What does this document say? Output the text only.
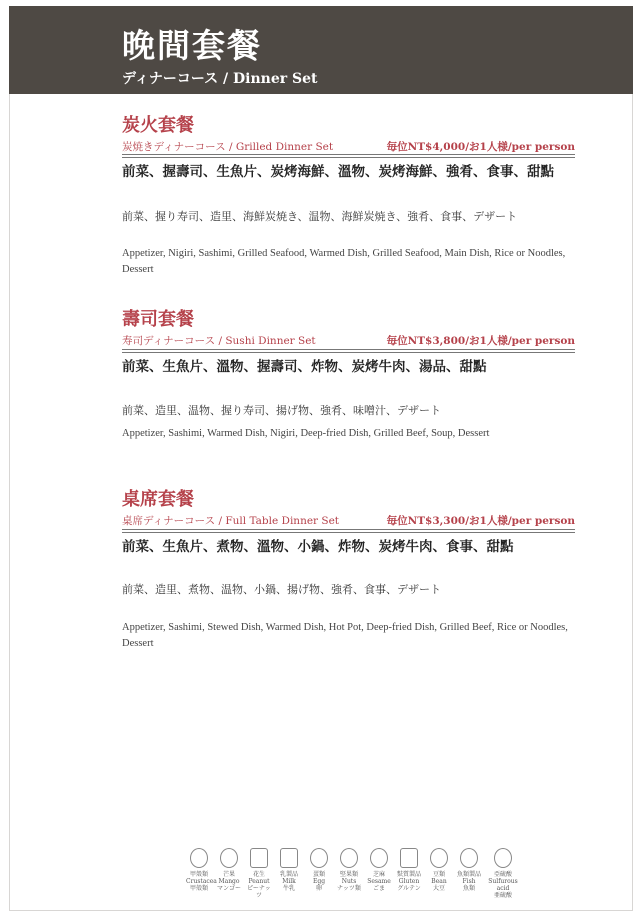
晚間套餐
ディナーコース / Dinner Set
炭火套餐
炭焼きディナーコース / Grilled Dinner Set	毎位NT$4,000/お1人様/per person
前菜、握壽司、生魚片、炭烤海鮮、溫物、炭烤海鮮、強肴、食事、甜點
前菜、握り寿司、造里、海鮮炭焼き、温物、海鮮炭焼き、強肴、食事、デザート
Appetizer, Nigiri, Sashimi, Grilled Seafood, Warmed Dish, Grilled Seafood, Main Dish, Rice or Noodles, Dessert
壽司套餐
寿司ディナーコース / Sushi Dinner Set	毎位NT$3,800/お1人様/per person
前菜、生魚片、溫物、握壽司、炸物、炭烤牛肉、湯品、甜點
前菜、造里、温物、握り寿司、揚げ物、強肴、味噌汁、デザート
Appetizer, Sashimi, Warmed Dish, Nigiri, Deep-fried Dish, Grilled Beef, Soup, Dessert
桌席套餐
桌席ディナーコース / Full Table Dinner Set	毎位NT$3,300/お1人様/per person
前菜、生魚片、煮物、溫物、小鍋、炸物、炭烤牛肉、食事、甜點
前菜、造里、煮物、温物、小鍋、揚げ物、強肴、食事、デザート
Appetizer, Sashimi, Stewed Dish, Warmed Dish, Hot Pot, Deep-fried Dish, Grilled Beef, Rice or Noodles, Dessert
甲殼類
Crustacea
甲殻類
芒果
Mango
マンゴー
花生
Peanut
ピーナッツ
乳製品
Milk
牛乳
蛋類
Egg
卵
堅果類
Nuts
ナッツ類
芝麻
Sesame
ごま
麩質製品
Gluten
グルテン
豆類
Bean
大豆
魚類製品
Fish
魚類
亞硫酸
Sulfurous acid
亜硫酸
